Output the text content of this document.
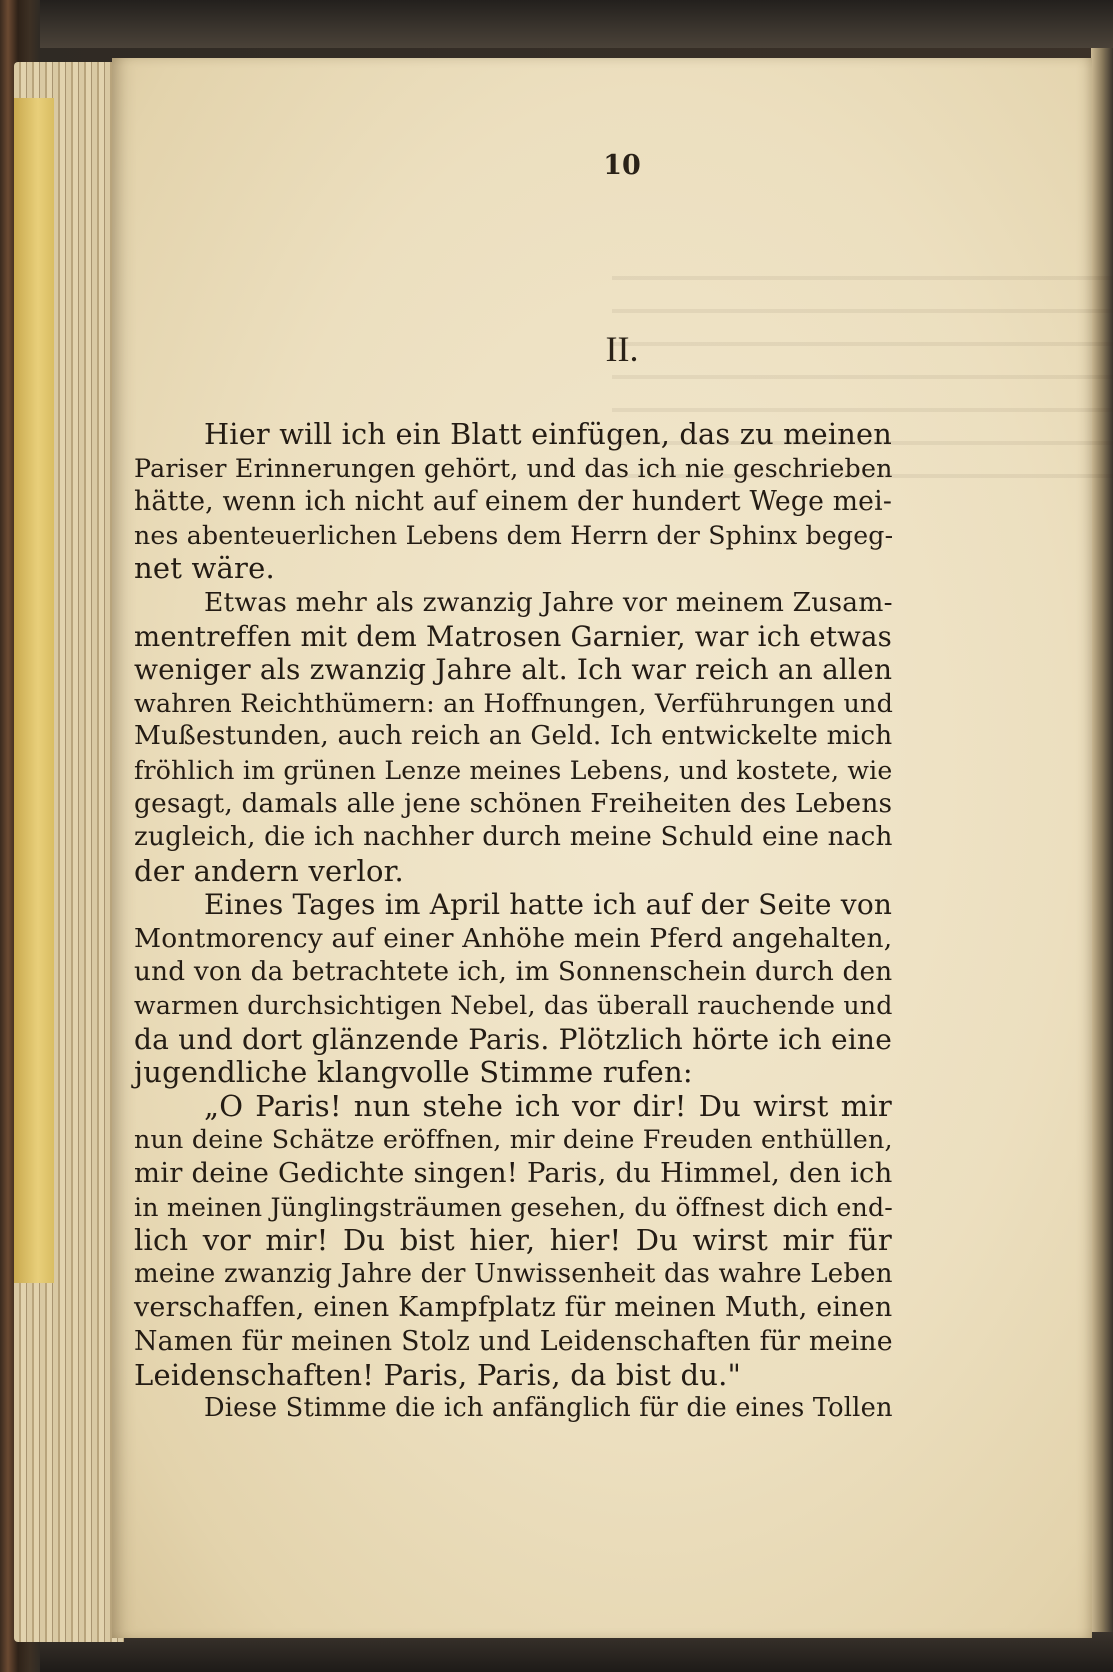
10
II.
Hier will ich ein Blatt einfügen, das zu meinen
Pariser Erinnerungen gehört, und das ich nie geschrieben
hätte, wenn ich nicht auf einem der hundert Wege mei-
nes abenteuerlichen Lebens dem Herrn der Sphinx begeg-
net wäre.
Etwas mehr als zwanzig Jahre vor meinem Zusam-
mentreffen mit dem Matrosen Garnier, war ich etwas
weniger als zwanzig Jahre alt. Ich war reich an allen
wahren Reichthümern: an Hoffnungen, Verführungen und
Mußestunden, auch reich an Geld. Ich entwickelte mich
fröhlich im grünen Lenze meines Lebens, und kostete, wie
gesagt, damals alle jene schönen Freiheiten des Lebens
zugleich, die ich nachher durch meine Schuld eine nach
der andern verlor.
Eines Tages im April hatte ich auf der Seite von
Montmorency auf einer Anhöhe mein Pferd angehalten,
und von da betrachtete ich, im Sonnenschein durch den
warmen durchsichtigen Nebel, das überall rauchende und
da und dort glänzende Paris. Plötzlich hörte ich eine
jugendliche klangvolle Stimme rufen:
„O Paris! nun stehe ich vor dir! Du wirst mir
nun deine Schätze eröffnen, mir deine Freuden enthüllen,
mir deine Gedichte singen! Paris, du Himmel, den ich
in meinen Jünglingsträumen gesehen, du öffnest dich end-
lich vor mir! Du bist hier, hier! Du wirst mir für
meine zwanzig Jahre der Unwissenheit das wahre Leben
verschaffen, einen Kampfplatz für meinen Muth, einen
Namen für meinen Stolz und Leidenschaften für meine
Leidenschaften! Paris, Paris, da bist du."
Diese Stimme die ich anfänglich für die eines Tollen
